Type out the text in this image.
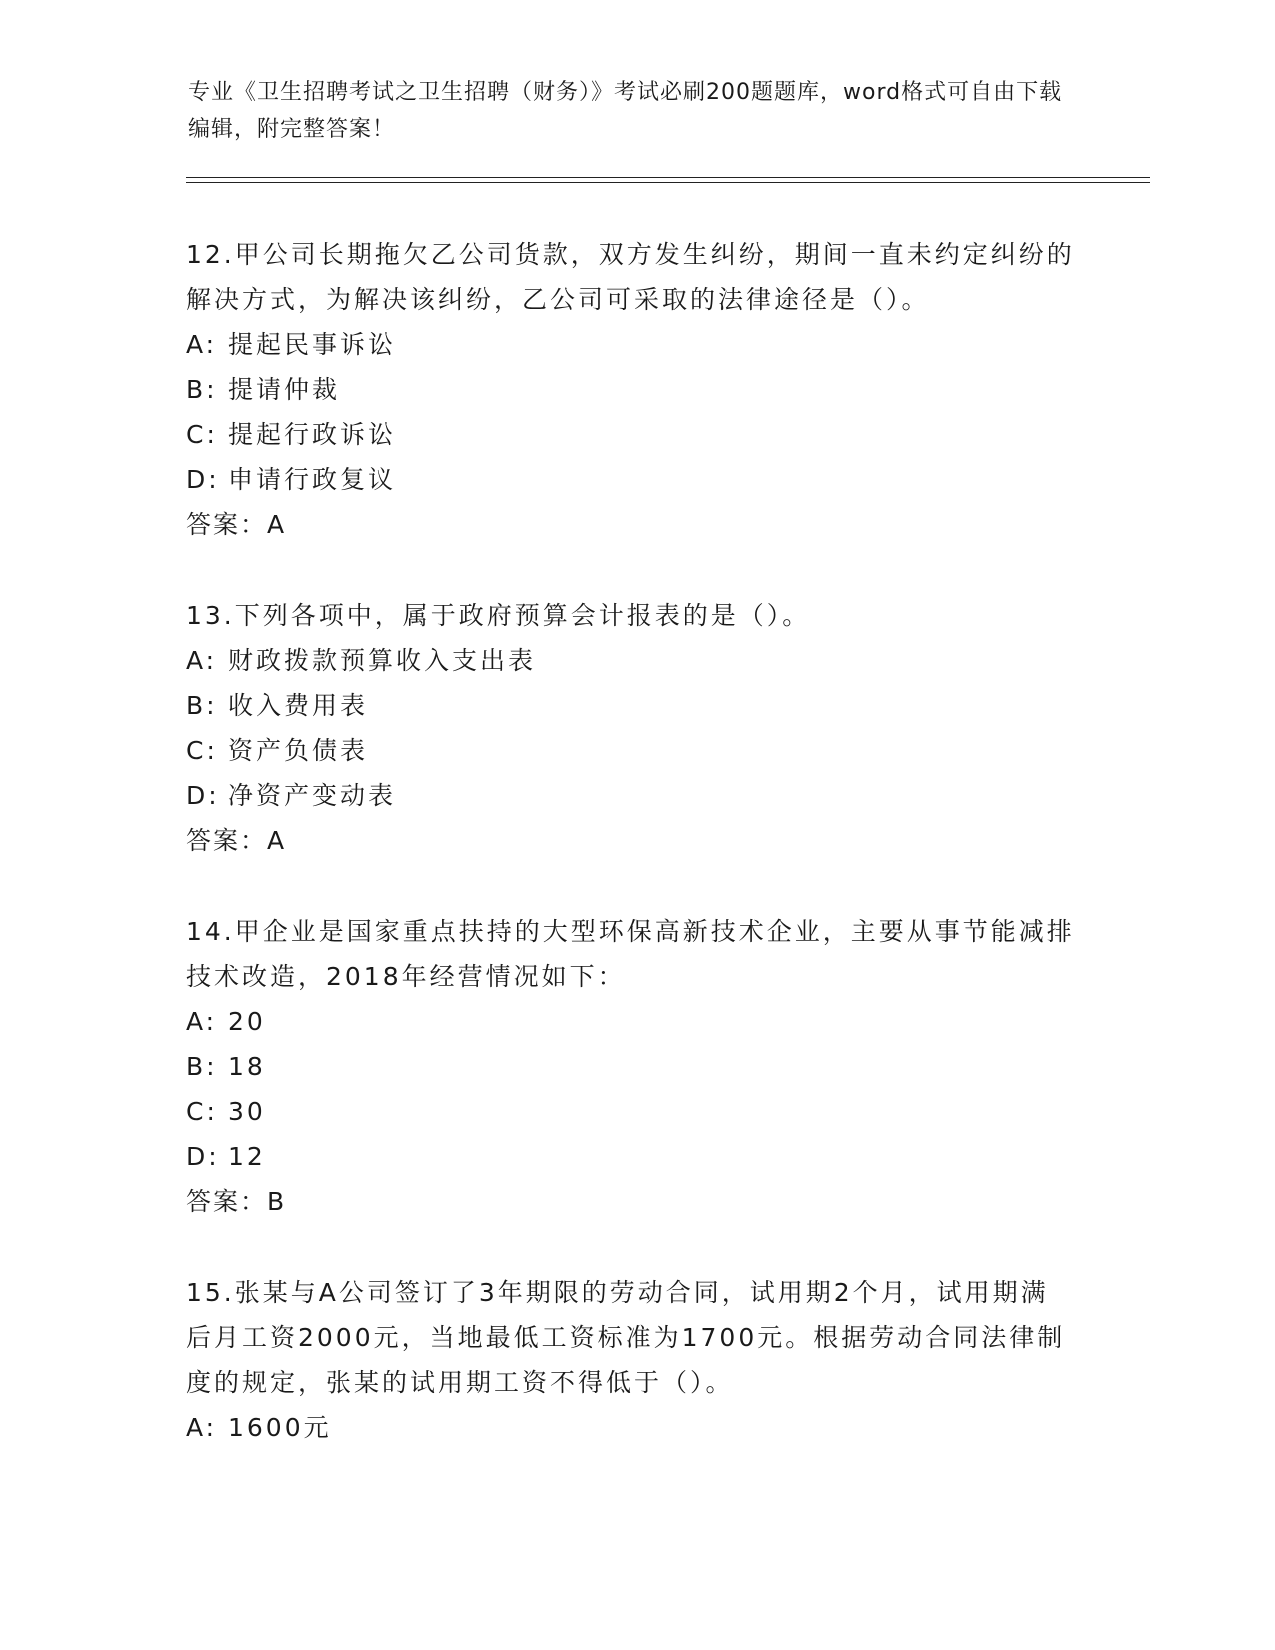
专业《卫生招聘考试之卫生招聘（财务）》考试必刷200题题库，word格式可自由下载编辑，附完整答案！

12.甲公司长期拖欠乙公司货款，双方发生纠纷，期间一直未约定纠纷的解决方式，为解决该纠纷，乙公司可采取的法律途径是（）。

A: 提起民事诉讼

B: 提请仲裁

C: 提起行政诉讼

D: 申请行政复议

答案：A

13.下列各项中，属于政府预算会计报表的是（）。

A: 财政拨款预算收入支出表

B: 收入费用表

C: 资产负债表

D: 净资产变动表

答案：A

14.甲企业是国家重点扶持的大型环保高新技术企业，主要从事节能减排技术改造，2018年经营情况如下：

A: 20

B: 18

C: 30

D: 12

答案：B

15.张某与A公司签订了3年期限的劳动合同，试用期2个月，试用期满后月工资2000元，当地最低工资标准为1700元。根据劳动合同法律制度的规定，张某的试用期工资不得低于（）。

A: 1600元
